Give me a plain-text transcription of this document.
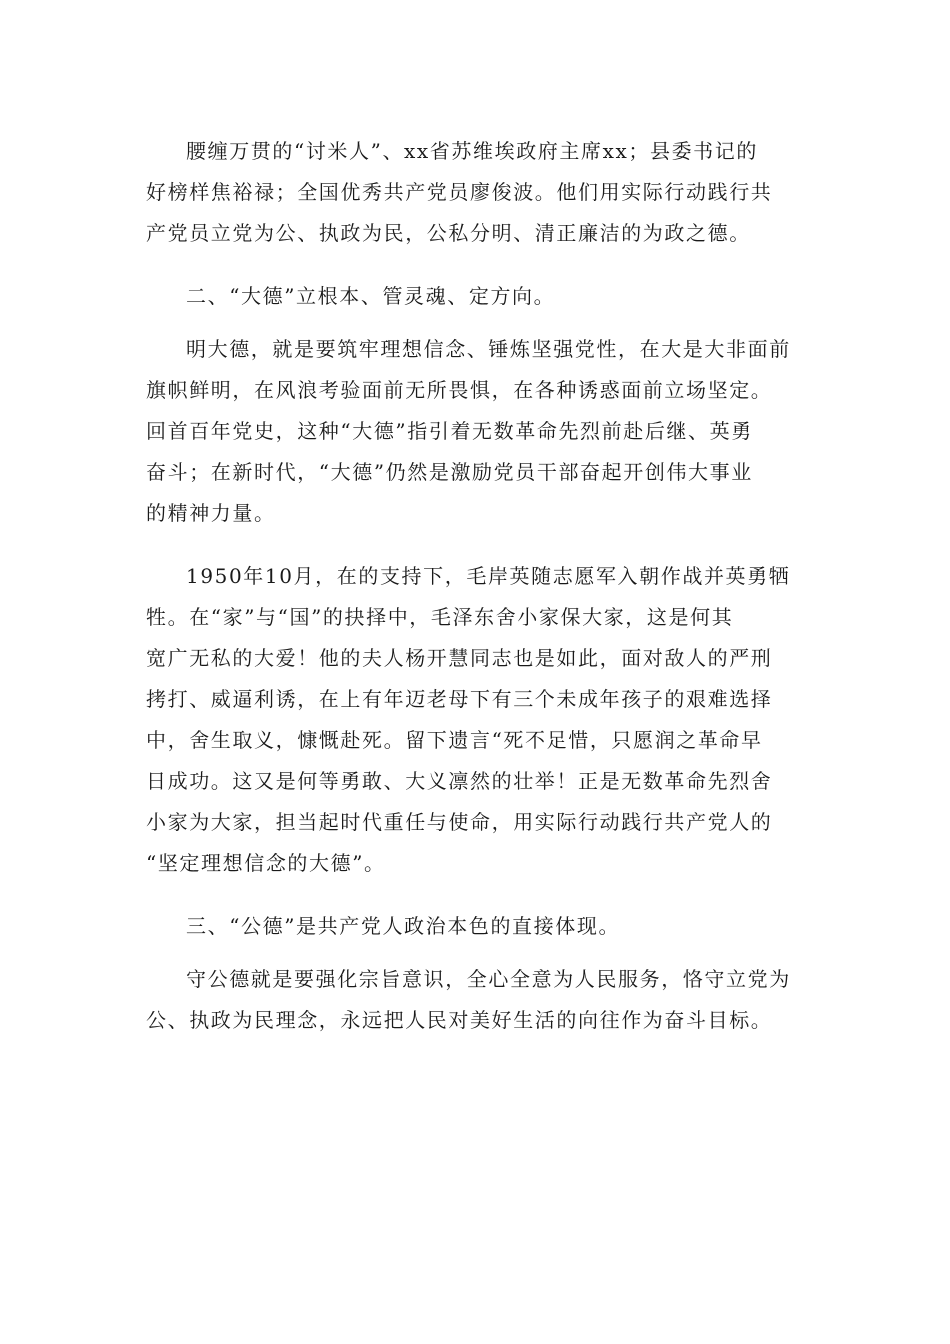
腰缠万贯的“讨米人”、xx省苏维埃政府主席xx；县委书记的
好榜样焦裕禄；全国优秀共产党员廖俊波。他们用实际行动践行共
产党员立党为公、执政为民，公私分明、清正廉洁的为政之德。
二、“大德”立根本、管灵魂、定方向。
明大德，就是要筑牢理想信念、锤炼坚强党性，在大是大非面前
旗帜鲜明，在风浪考验面前无所畏惧，在各种诱惑面前立场坚定。
回首百年党史，这种“大德”指引着无数革命先烈前赴后继、英勇
奋斗；在新时代，“大德”仍然是激励党员干部奋起开创伟大事业
的精神力量。
1950年10月，在的支持下，毛岸英随志愿军入朝作战并英勇牺
牲。在“家”与“国”的抉择中，毛泽东舍小家保大家，这是何其
宽广无私的大爱！他的夫人杨开慧同志也是如此，面对敌人的严刑
拷打、威逼利诱，在上有年迈老母下有三个未成年孩子的艰难选择
中，舍生取义，慷慨赴死。留下遗言“死不足惜，只愿润之革命早
日成功。这又是何等勇敢、大义凛然的壮举！正是无数革命先烈舍
小家为大家，担当起时代重任与使命，用实际行动践行共产党人的
“坚定理想信念的大德”。
三、“公德”是共产党人政治本色的直接体现。
守公德就是要强化宗旨意识，全心全意为人民服务，恪守立党为
公、执政为民理念，永远把人民对美好生活的向往作为奋斗目标。
